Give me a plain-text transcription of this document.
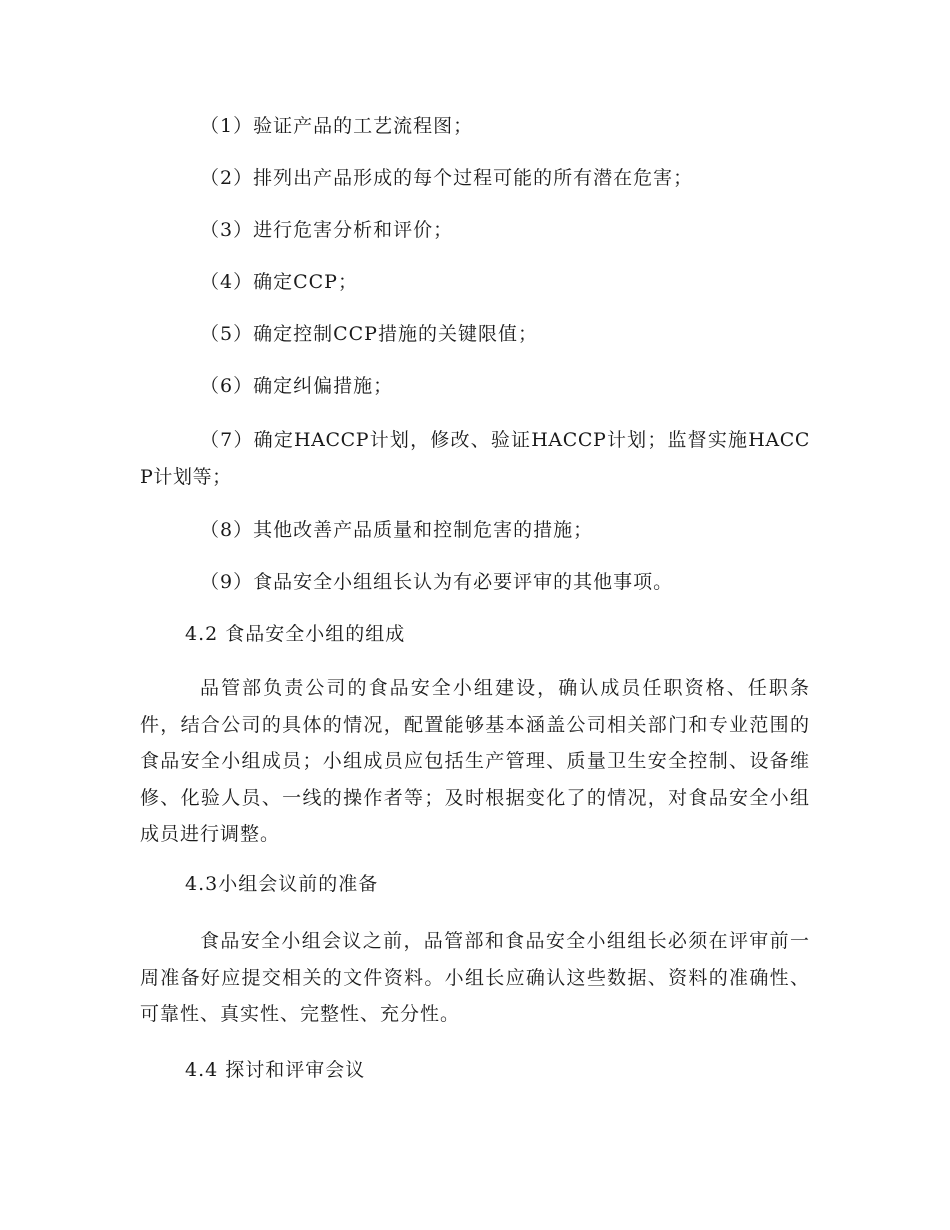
（1）验证产品的工艺流程图；
（2）排列出产品形成的每个过程可能的所有潜在危害；
（3）进行危害分析和评价；
（4）确定CCP；
（5）确定控制CCP措施的关键限值；
（6）确定纠偏措施；
（7）确定HACCP计划，修改、验证HACCP计划；监督实施HACCP计划等；
（8）其他改善产品质量和控制危害的措施；
（9）食品安全小组组长认为有必要评审的其他事项。
4.2 食品安全小组的组成
品管部负责公司的食品安全小组建设，确认成员任职资格、任职条件，结合公司的具体的情况，配置能够基本涵盖公司相关部门和专业范围的食品安全小组成员；小组成员应包括生产管理、质量卫生安全控制、设备维修、化验人员、一线的操作者等；及时根据变化了的情况，对食品安全小组成员进行调整。
4.3小组会议前的准备
食品安全小组会议之前，品管部和食品安全小组组长必须在评审前一周准备好应提交相关的文件资料。小组长应确认这些数据、资料的准确性、可靠性、真实性、完整性、充分性。
4.4 探讨和评审会议
